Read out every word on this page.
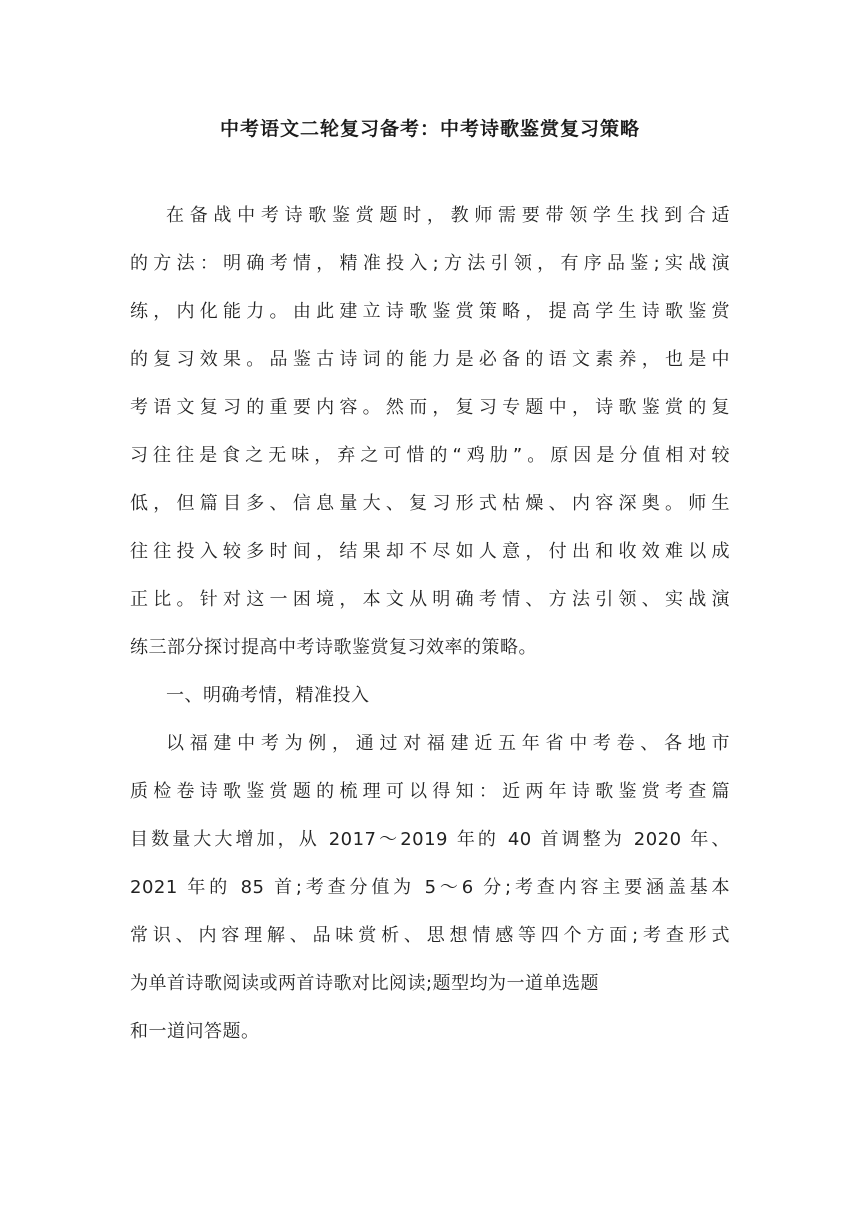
中考语文二轮复习备考：中考诗歌鉴赏复习策略
在备战中考诗歌鉴赏题时，教师需要带领学生找到合适
的方法：明确考情，精准投入;方法引领，有序品鉴;实战演
练，内化能力。由此建立诗歌鉴赏策略，提高学生诗歌鉴赏
的复习效果。品鉴古诗词的能力是必备的语文素养，也是中
考语文复习的重要内容。然而，复习专题中，诗歌鉴赏的复
习往往是食之无味，弃之可惜的“鸡肋”。原因是分值相对较
低，但篇目多、信息量大、复习形式枯燥、内容深奥。师生
往往投入较多时间，结果却不尽如人意，付出和收效难以成
正比。针对这一困境，本文从明确考情、方法引领、实战演
练三部分探讨提高中考诗歌鉴赏复习效率的策略。
一、明确考情，精准投入
以福建中考为例，通过对福建近五年省中考卷、各地市
质检卷诗歌鉴赏题的梳理可以得知：近两年诗歌鉴赏考查篇
目数量大大增加，从 2017～2019 年的 40 首调整为 2020 年、
2021 年的 85 首;考查分值为 5～6 分;考查内容主要涵盖基本
常识、内容理解、品味赏析、思想情感等四个方面;考查形式
为单首诗歌阅读或两首诗歌对比阅读;题型均为一道单选题
和一道问答题。
